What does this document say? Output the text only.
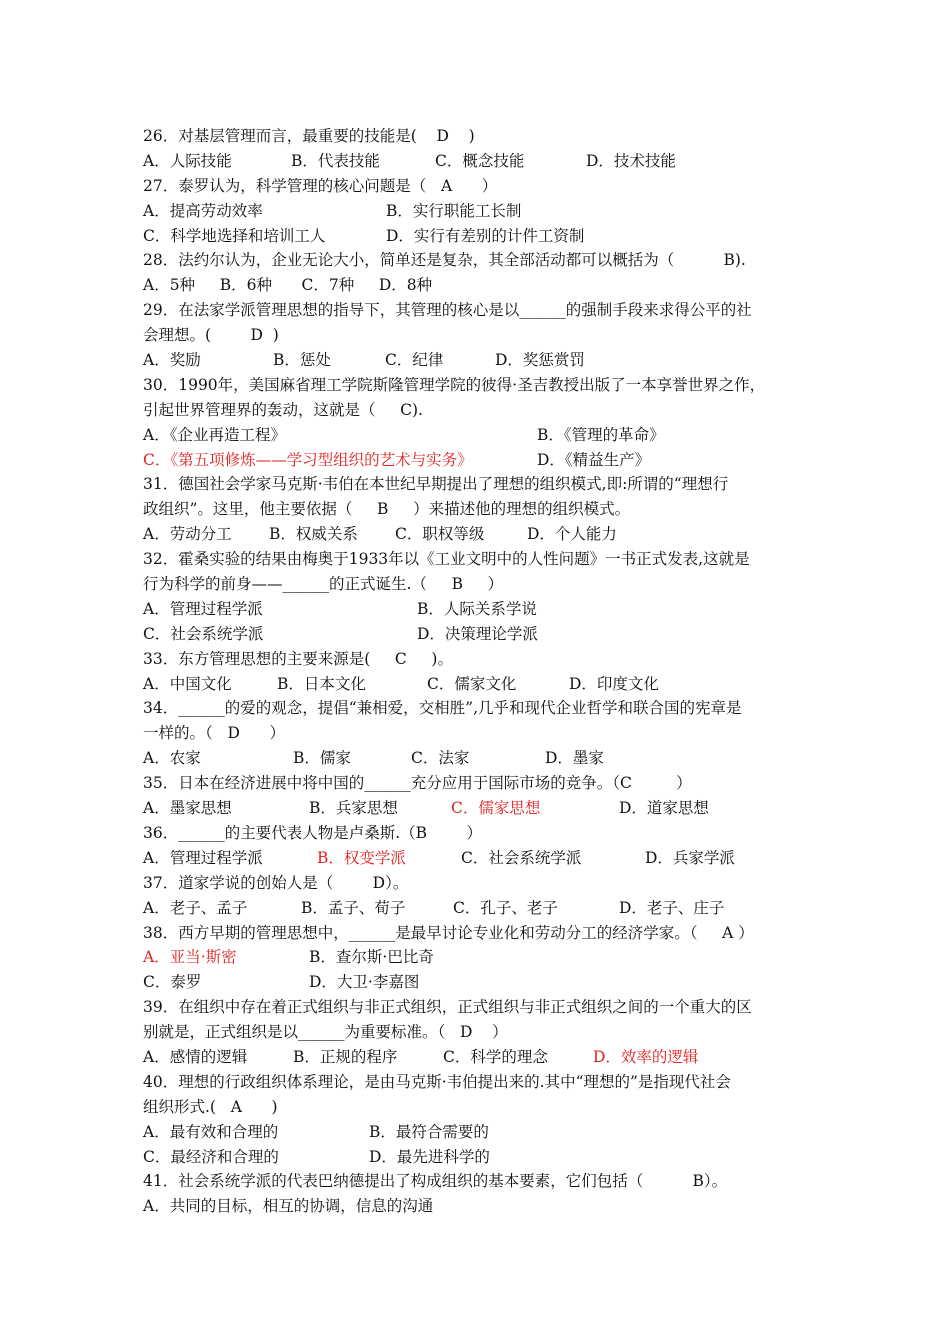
26．对基层管理而言，最重要的技能是(    D    )
A．人际技能	B．代表技能	C．概念技能	D．技术技能
27．泰罗认为，科学管理的核心问题是（   A      ）
A．提高劳动效率	B．实行职能工长制
C．科学地选择和培训工人	D．实行有差别的计件工资制
28．法约尔认为，企业无论大小，简单还是复杂，其全部活动都可以概括为（          B).
A．5种     B．6种      C．7种     D．8种
29．在法家学派管理思想的指导下，其管理的核心是以______的强制手段来求得公平的社
会理想。(        D  )
A．奖励	B．惩处	C．纪律	D．奖惩赏罚
30．1990年，美国麻省理工学院斯隆管理学院的彼得·圣吉教授出版了一本享誉世界之作，
引起世界管理界的轰动，这就是（     C).
A．《企业再造工程》	B．《管理的革命》
C．《第五项修炼——学习型组织的艺术与实务》	D．《精益生产》
31．德国社会学家马克斯·韦伯在本世纪早期提出了理想的组织模式,即:所谓的“理想行
政组织”。这里，他主要依据（     B     ）来描述他的理想的组织模式。
A．劳动分工 B．权威关系 C．职权等级	D．个人能力
32．霍桑实验的结果由梅奥于1933年以《工业文明中的人性问题》一书正式发表,这就是
行为科学的前身——______的正式诞生.（     B     ）
A．管理过程学派	B．人际关系学说
C．社会系统学派	D．决策理论学派
33．东方管理思想的主要来源是(     C     )。
A．中国文化	B．日本文化	C．儒家文化	D．印度文化
34．______的爱的观念，提倡“兼相爱，交相胜”,几乎和现代企业哲学和联合国的宪章是
一样的。（   D      ）
A．农家	B．儒家	C．法家	D．墨家
35．日本在经济进展中将中国的______充分应用于国际市场的竞争。（C         ）
A．墨家思想	B．兵家思想	C．儒家思想	D．道家思想
36．______的主要代表人物是卢桑斯.（B        ）
A．管理过程学派	B．权变学派	C．社会系统学派	D．兵家学派
37．道家学说的创始人是（        D）。
A．老子、孟子	B．孟子、荀子	C．孔子、老子	D．老子、庄子
38．西方早期的管理思想中，______是最早讨论专业化和劳动分工的经济学家。（     A ）
A．亚当·斯密	B．查尔斯·巴比奇
C．泰罗	D．大卫·李嘉图
39．在组织中存在着正式组织与非正式组织，正式组织与非正式组织之间的一个重大的区
别就是，正式组织是以______为重要标准。（   D    ）
A．感情的逻辑	B．正规的程序	C．科学的理念	D．效率的逻辑
40．理想的行政组织体系理论，是由马克斯·韦伯提出来的.其中“理想的”是指现代社会
组织形式.(   A      )
A．最有效和合理的	B．最符合需要的
C．最经济和合理的	D．最先进科学的
41．社会系统学派的代表巴纳德提出了构成组织的基本要素，它们包括（          B）。
A．共同的目标，相互的协调，信息的沟通
